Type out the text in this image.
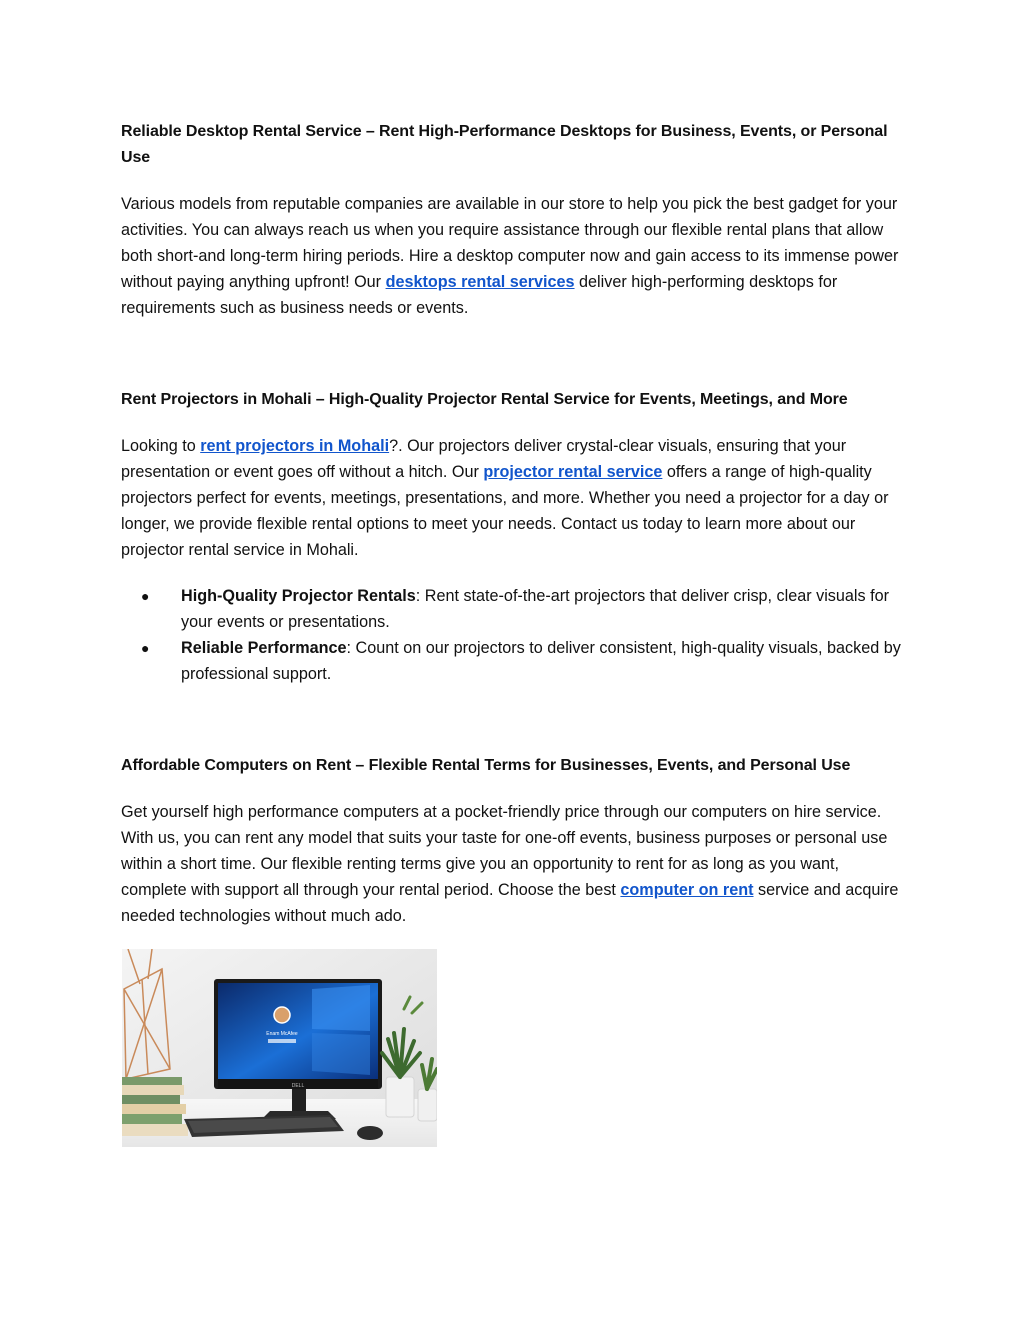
Reliable Desktop Rental Service – Rent High-Performance Desktops for Business, Events, or Personal Use

Various models from reputable companies are available in our store to help you pick the best gadget for your activities. You can always reach us when you require assistance through our flexible rental plans that allow both short-and long-term hiring periods. Hire a desktop computer now and gain access to its immense power without paying anything upfront! Our desktops rental services deliver high-performing desktops for requirements such as business needs or events.

Rent Projectors in Mohali – High-Quality Projector Rental Service for Events, Meetings, and More

Looking to rent projectors in Mohali?. Our projectors deliver crystal-clear visuals, ensuring that your presentation or event goes off without a hitch. Our projector rental service offers a range of high-quality projectors perfect for events, meetings, presentations, and more. Whether you need a projector for a day or longer, we provide flexible rental options to meet your needs. Contact us today to learn more about our projector rental service in Mohali.

● High-Quality Projector Rentals: Rent state-of-the-art projectors that deliver crisp, clear visuals for your events or presentations.
● Reliable Performance: Count on our projectors to deliver consistent, high-quality visuals, backed by professional support.

Affordable Computers on Rent – Flexible Rental Terms for Businesses, Events, and Personal Use

Get yourself high performance computers at a pocket-friendly price through our computers on hire service. With us, you can rent any model that suits your taste for one-off events, business purposes or personal use within a short time. Our flexible renting terms give you an opportunity to rent for as long as you want, complete with support all through your rental period. Choose the best computer on rent service and acquire needed technologies without much ado.

Enam McAfee
DELL
